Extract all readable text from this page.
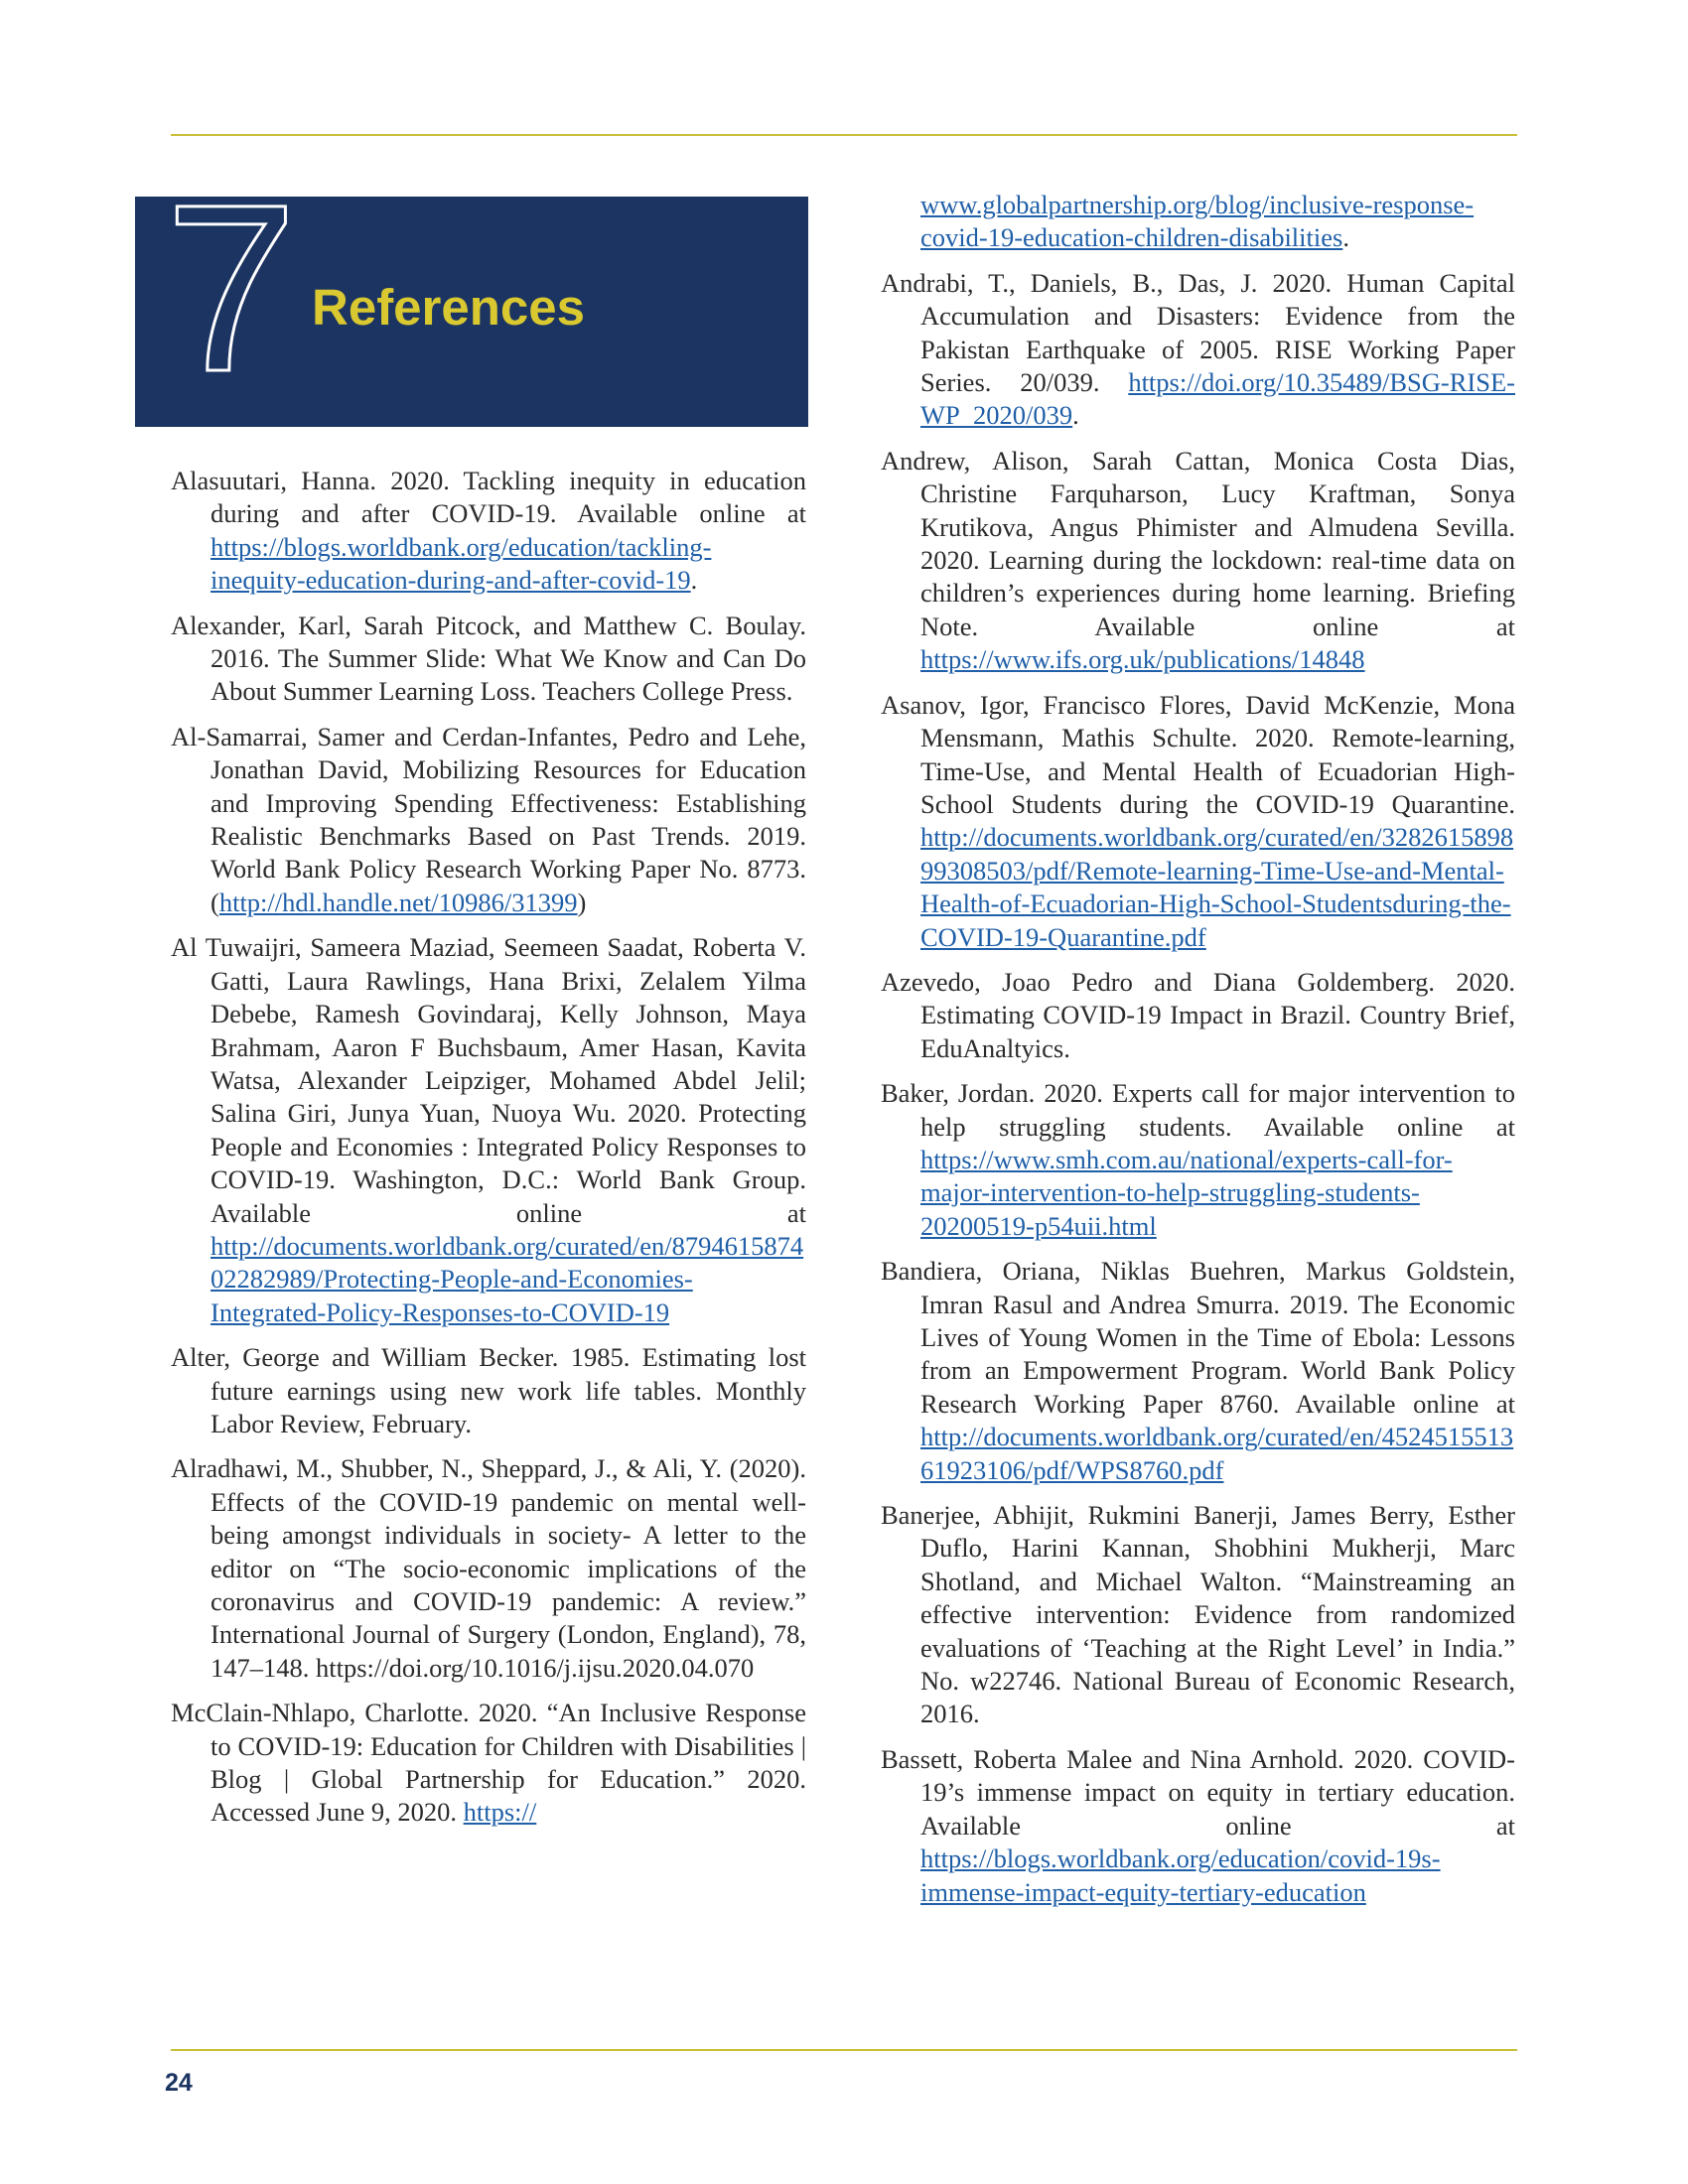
7 References

Alasuutari, Hanna. 2020. Tackling inequity in education during and after COVID-19. Available online at https://blogs.worldbank.org/education/tackling-inequity-education-during-and-after-covid-19.

Alexander, Karl, Sarah Pitcock, and Matthew C. Boulay. 2016. The Summer Slide: What We Know and Can Do About Summer Learning Loss. Teachers College Press.

Al-Samarrai, Samer and Cerdan-Infantes, Pedro and Lehe, Jonathan David, Mobilizing Resources for Education and Improving Spending Effectiveness: Establishing Realistic Benchmarks Based on Past Trends. 2019. World Bank Policy Research Working Paper No. 8773. (http://hdl.handle.net/10986/31399)

Al Tuwaijri, Sameera Maziad, Seemeen Saadat, Roberta V. Gatti, Laura Rawlings, Hana Brixi, Zelalem Yilma Debebe, Ramesh Govindaraj, Kelly Johnson, Maya Brahmam, Aaron F Buchsbaum, Amer Hasan, Kavita Watsa, Alexander Leipziger, Mohamed Abdel Jelil; Salina Giri, Junya Yuan, Nuoya Wu. 2020. Protecting People and Economies : Integrated Policy Responses to COVID-19. Washington, D.C.: World Bank Group. Available online at http://documents.worldbank.org/curated/en/879461587402282989/Protecting-People-and-Economies-Integrated-Policy-Responses-to-COVID-19

Alter, George and William Becker. 1985. Estimating lost future earnings using new work life tables. Monthly Labor Review, February.

Alradhawi, M., Shubber, N., Sheppard, J., & Ali, Y. (2020). Effects of the COVID-19 pandemic on mental well-being amongst individuals in society- A letter to the editor on “The socio-economic implications of the coronavirus and COVID-19 pandemic: A review.” International Journal of Surgery (London, England), 78, 147–148. https://doi.org/10.1016/j.ijsu.2020.04.070

McClain-Nhlapo, Charlotte. 2020. “An Inclusive Response to COVID-19: Education for Children with Disabilities | Blog | Global Partnership for Education.” 2020. Accessed June 9, 2020. https://

www.globalpartnership.org/blog/inclusive-response-covid-19-education-children-disabilities.

Andrabi, T., Daniels, B., Das, J. 2020. Human Capital Accumulation and Disasters: Evidence from the Pakistan Earthquake of 2005. RISE Working Paper Series. 20/039. https://doi.org/10.35489/BSG-RISE-WP_2020/039.

Andrew, Alison, Sarah Cattan, Monica Costa Dias, Christine Farquharson, Lucy Kraftman, Sonya Krutikova, Angus Phimister and Almudena Sevilla. 2020. Learning during the lockdown: real-time data on children’s experiences during home learning. Briefing Note. Available online at https://www.ifs.org.uk/publications/14848

Asanov, Igor, Francisco Flores, David McKenzie, Mona Mensmann, Mathis Schulte. 2020. Remote-learning, Time-Use, and Mental Health of Ecuadorian High-School Students during the COVID-19 Quarantine. http://documents.worldbank.org/curated/en/328261589899308503/pdf/Remote-learning-Time-Use-and-Mental-Health-of-Ecuadorian-High-School-Studentsduring-the-COVID-19-Quarantine.pdf

Azevedo, Joao Pedro and Diana Goldemberg. 2020. Estimating COVID-19 Impact in Brazil. Country Brief, EduAnaltyics.

Baker, Jordan. 2020. Experts call for major intervention to help struggling students. Available online at https://www.smh.com.au/national/experts-call-for-major-intervention-to-help-struggling-students-20200519-p54uii.html

Bandiera, Oriana, Niklas Buehren, Markus Goldstein, Imran Rasul and Andrea Smurra. 2019. The Economic Lives of Young Women in the Time of Ebola: Lessons from an Empowerment Program. World Bank Policy Research Working Paper 8760. Available online at http://documents.worldbank.org/curated/en/452451551361923106/pdf/WPS8760.pdf

Banerjee, Abhijit, Rukmini Banerji, James Berry, Esther Duflo, Harini Kannan, Shobhini Mukherji, Marc Shotland, and Michael Walton. “Mainstreaming an effective intervention: Evidence from randomized evaluations of ‘Teaching at the Right Level’ in India.” No. w22746. National Bureau of Economic Research, 2016.

Bassett, Roberta Malee and Nina Arnhold. 2020. COVID-19’s immense impact on equity in tertiary education. Available online at https://blogs.worldbank.org/education/covid-19s-immense-impact-equity-tertiary-education

24
